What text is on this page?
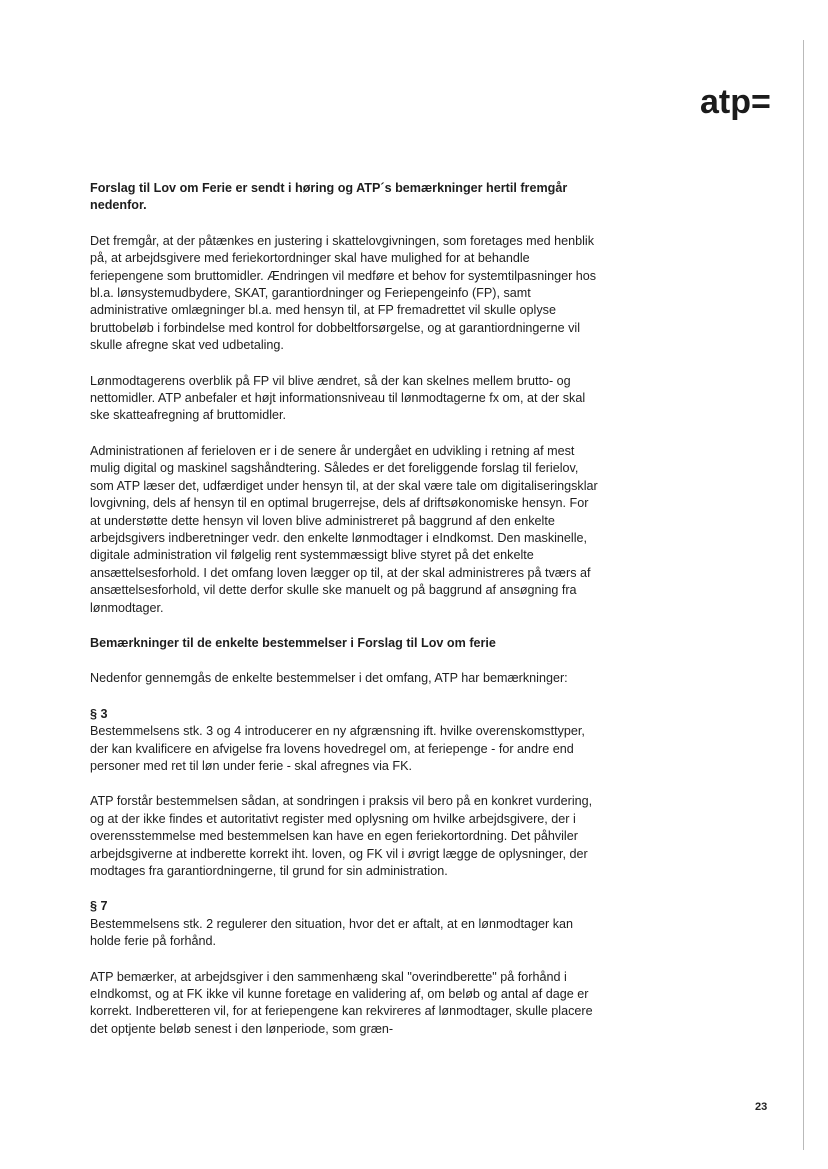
atp=

Forslag til Lov om Ferie er sendt i høring og ATP´s bemærkninger hertil fremgår nedenfor.

Det fremgår, at der påtænkes en justering i skattelovgivningen, som foretages med henblik på, at arbejdsgivere med feriekortordninger skal have mulighed for at behandle feriepengene som bruttomidler. Ændringen vil medføre et behov for systemtilpasninger hos bl.a. lønsystemudbydere, SKAT, garantiordninger og Feriepengeinfo (FP), samt administrative omlægninger bl.a. med hensyn til, at FP fremadrettet vil skulle oplyse bruttobeløb i forbindelse med kontrol for dobbeltforsørgelse, og at garantiordningerne vil skulle afregne skat ved udbetaling.

Lønmodtagerens overblik på FP vil blive ændret, så der kan skelnes mellem brutto- og nettomidler. ATP anbefaler et højt informationsniveau til lønmodtagerne fx om, at der skal ske skatteafregning af bruttomidler.

Administrationen af ferieloven er i de senere år undergået en udvikling i retning af mest mulig digital og maskinel sagshåndtering. Således er det foreliggende forslag til ferielov, som ATP læser det, udfærdiget under hensyn til, at der skal være tale om digitaliseringsklar lovgivning, dels af hensyn til en optimal brugerrejse, dels af driftsøkonomiske hensyn. For at understøtte dette hensyn vil loven blive administreret på baggrund af den enkelte arbejdsgivers indberetninger vedr. den enkelte lønmodtager i eIndkomst. Den maskinelle, digitale administration vil følgelig rent systemmæssigt blive styret på det enkelte ansættelsesforhold. I det omfang loven lægger op til, at der skal administreres på tværs af ansættelsesforhold, vil dette derfor skulle ske manuelt og på baggrund af ansøgning fra lønmodtager.

Bemærkninger til de enkelte bestemmelser i Forslag til Lov om ferie

Nedenfor gennemgås de enkelte bestemmelser i det omfang, ATP har bemærkninger:

§ 3

Bestemmelsens stk. 3 og 4 introducerer en ny afgrænsning ift. hvilke overenskomsttyper, der kan kvalificere en afvigelse fra lovens hovedregel om, at feriepenge - for andre end personer med ret til løn under ferie - skal afregnes via FK.

ATP forstår bestemmelsen sådan, at sondringen i praksis vil bero på en konkret vurdering, og at der ikke findes et autoritativt register med oplysning om hvilke arbejdsgivere, der i overensstemmelse med bestemmelsen kan have en egen feriekortordning. Det påhviler arbejdsgiverne at indberette korrekt iht. loven, og FK vil i øvrigt lægge de oplysninger, der modtages fra garantiordningerne, til grund for sin administration.

§ 7

Bestemmelsens stk. 2 regulerer den situation, hvor det er aftalt, at en lønmodtager kan holde ferie på forhånd.

ATP bemærker, at arbejdsgiver i den sammenhæng skal "overindberette" på forhånd i eIndkomst, og at FK ikke vil kunne foretage en validering af, om beløb og antal af dage er korrekt. Indberetteren vil, for at feriepengene kan rekvireres af lønmodtager, skulle placere det optjente beløb senest i den lønperiode, som græn-

23
